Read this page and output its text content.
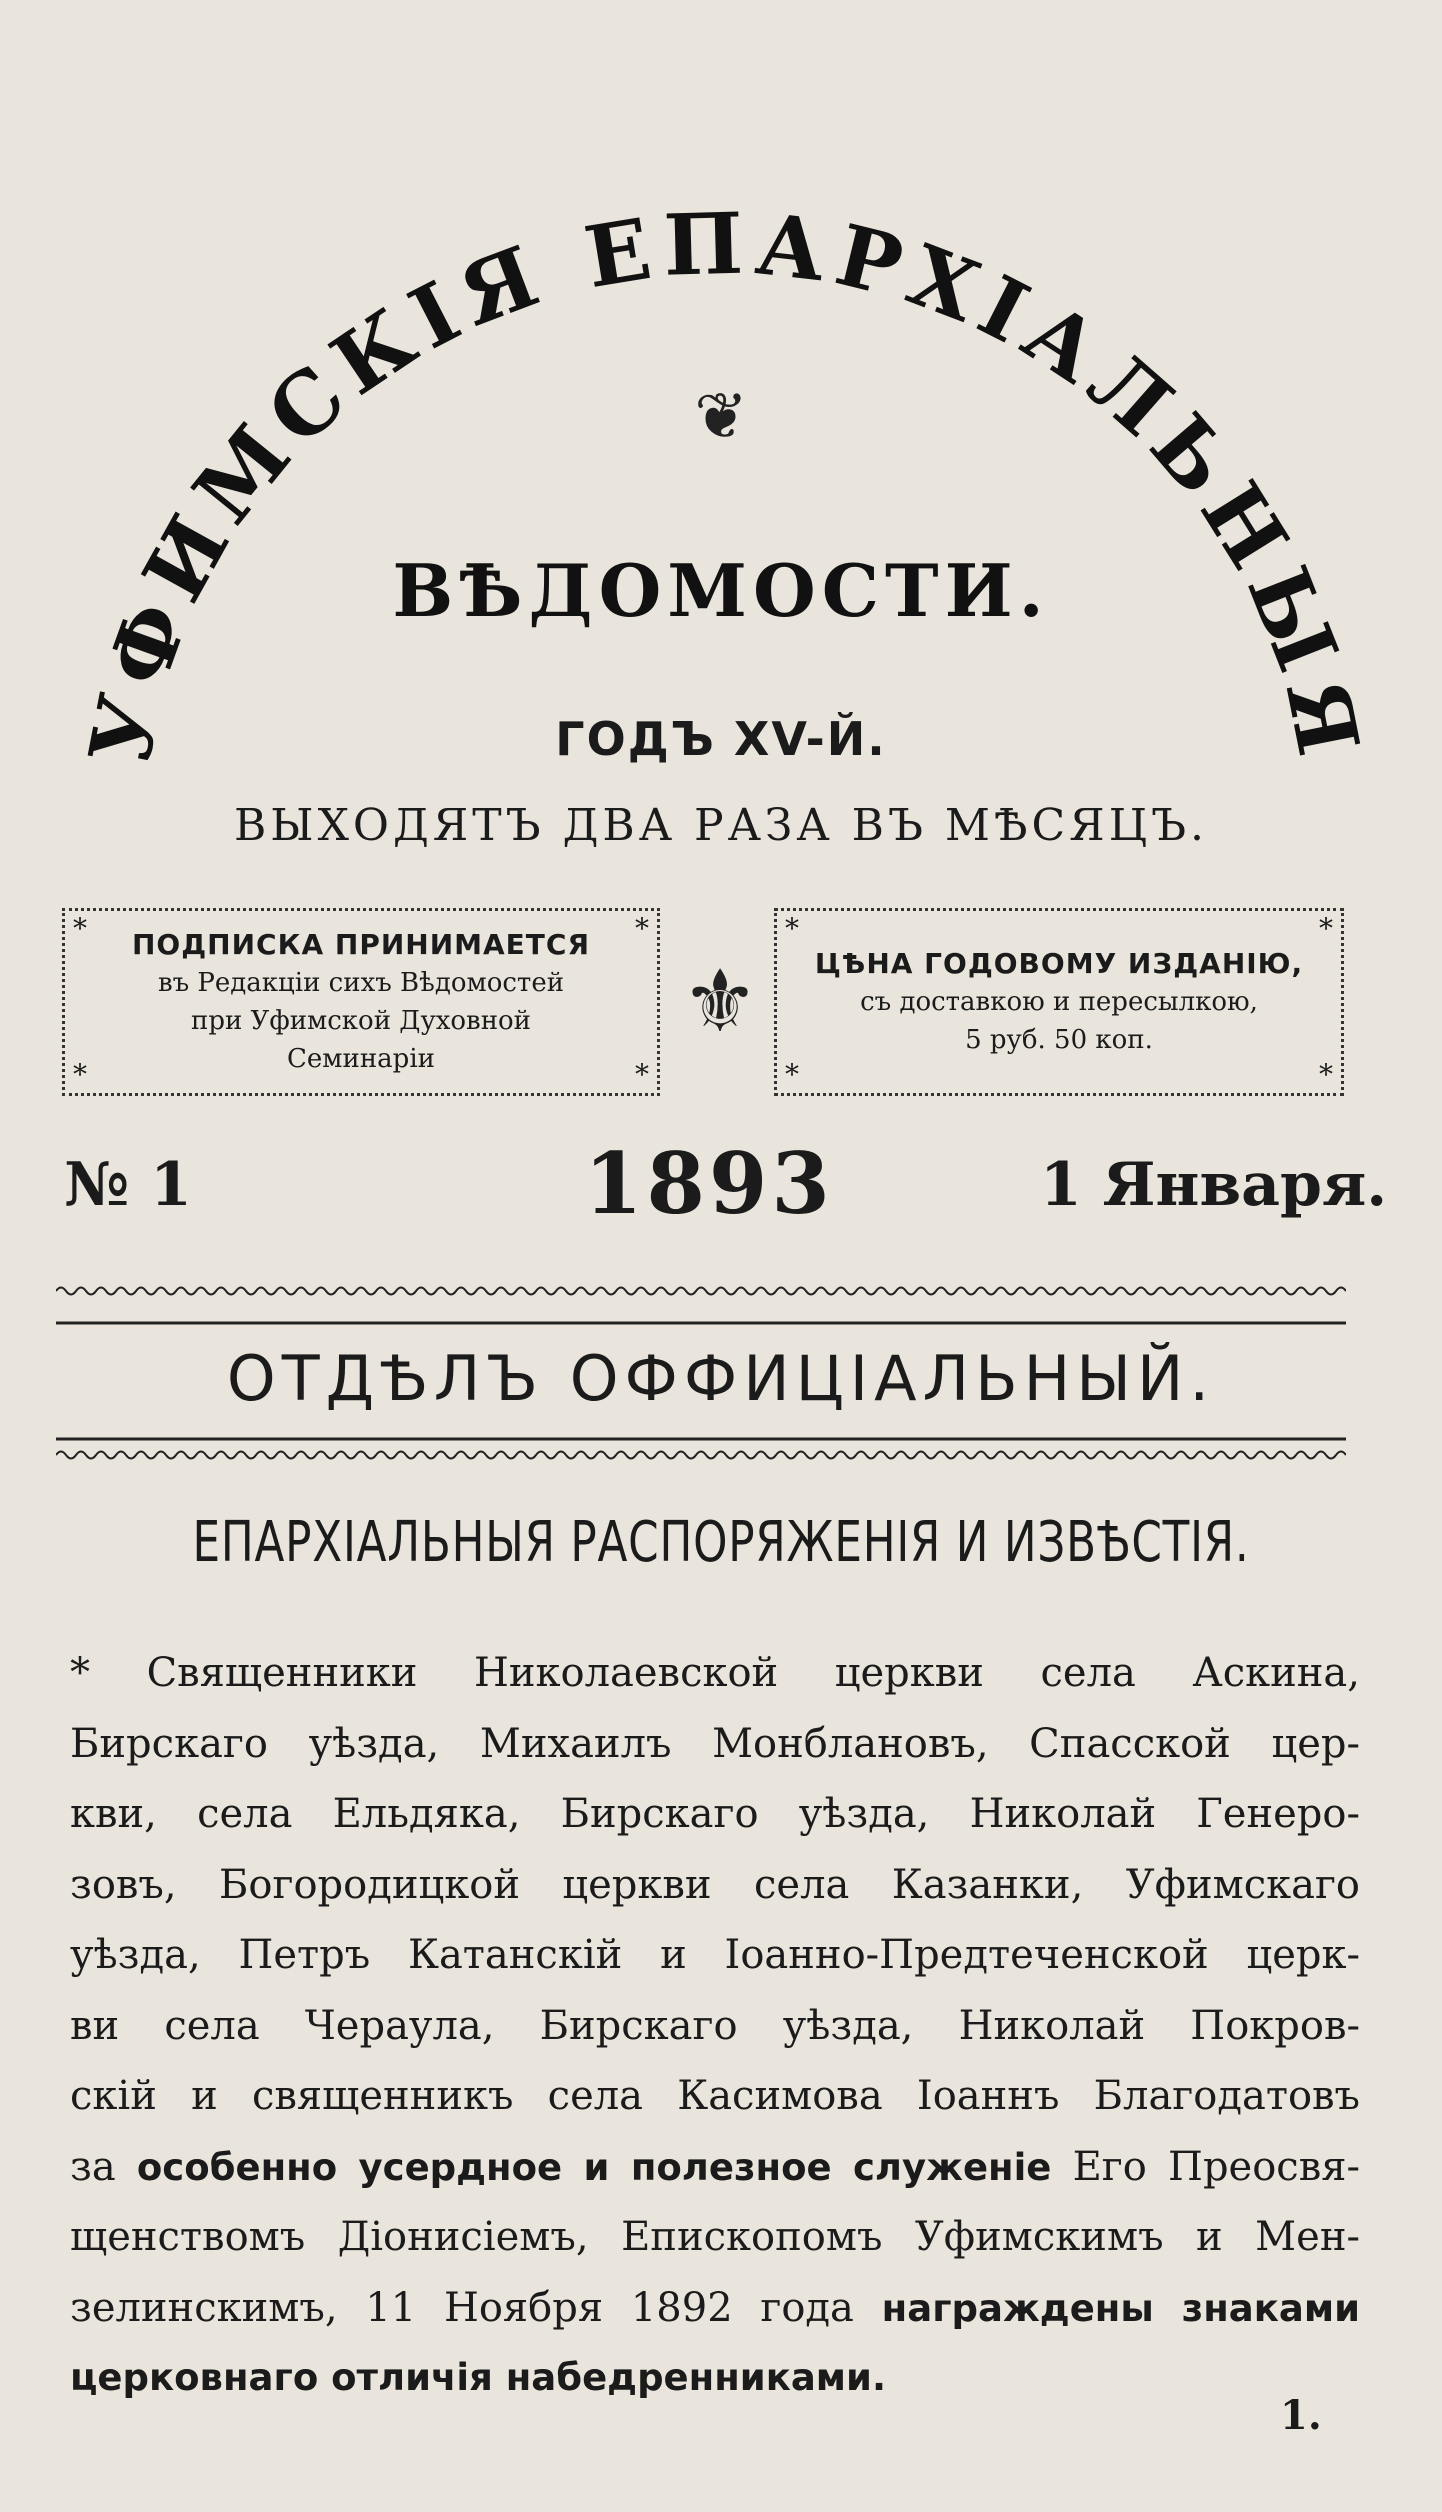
УФИМСКІЯ ЕПАРХІАЛЬНЫЯ
❦
ВѢДОМОСТИ.
ГОДЪ XV-Й.
ВЫХОДЯТЪ ДВА РАЗА ВЪ МѢСЯЦЪ.
*	*
*	*
ПОДПИСКА ПРИНИМАЕТСЯ
въ Редакціи сихъ Вѣдомостей
при Уфимской Духовной
Семинаріи
⚜
*	*
*	*
ЦѢНА ГОДОВОМУ ИЗДАНІЮ,
съ доставкою и пересылкою,
5 руб. 50 коп.
№ 1	1893	1 Января.
ОТДѢЛЪ ОФФИЦІАЛЬНЫЙ.
ЕПАРХІАЛЬНЫЯ РАСПОРЯЖЕНІЯ И ИЗВѢСТІЯ.
* Священники Николаевской церкви села Аскина,
Бирскаго уѣзда, Михаилъ Монблановъ, Спасской цер-
кви, села Ельдяка, Бирскаго уѣзда, Николай Генеро-
зовъ, Богородицкой церкви села Казанки, Уфимскаго
уѣзда, Петръ Катанскій и Іоанно-Предтеченской церк-
ви села Чераула, Бирскаго уѣзда, Николай Покров-
скій и священникъ села Касимова Іоаннъ Благодатовъ
за особенно усердное и полезное служеніе Его Преосвя-
щенствомъ Діонисіемъ, Епископомъ Уфимскимъ и Мен-
зелинскимъ, 11 Ноября 1892 года награждены знаками
церковнаго отличія набедренниками.
1.
